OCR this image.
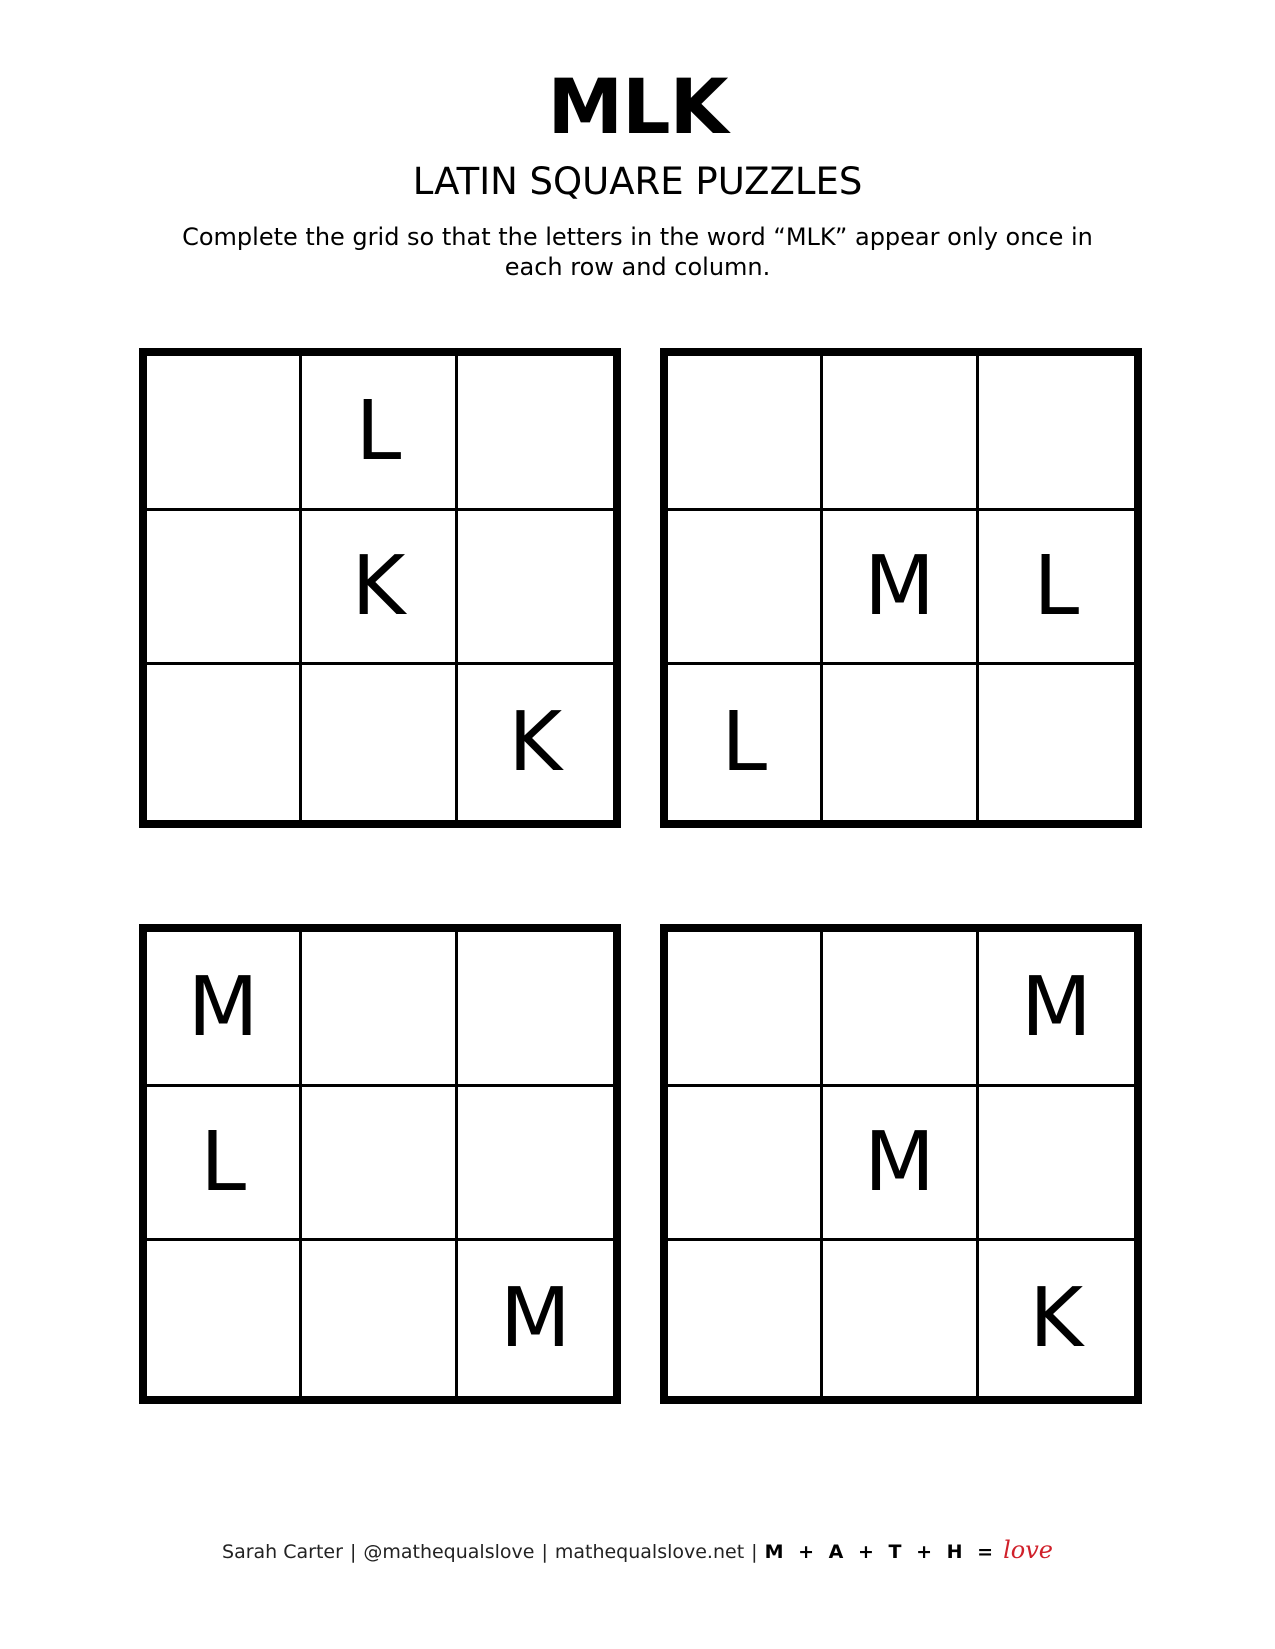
MLK
LATIN SQUARE PUZZLES
Complete the grid so that the letters in the word “MLK” appear only once in each row and column.
L
K
K
M	L
L
M
L
M
M
M
K
Sarah Carter | @mathequalslove | mathequalslove.net | M + A + T + H = love
